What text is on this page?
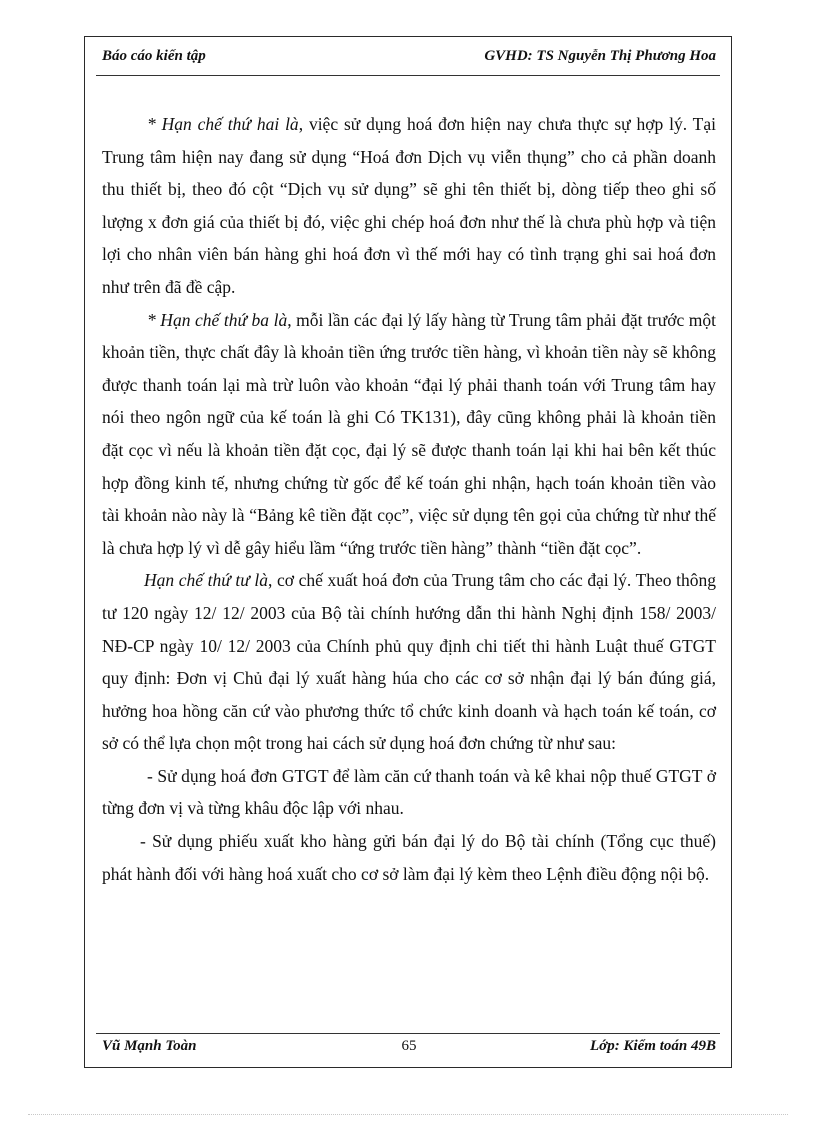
Báo cáo kiến tập	GVHD: TS Nguyễn Thị Phương Hoa

* Hạn chế thứ hai là, việc sử dụng hoá đơn hiện nay chưa thực sự hợp lý. Tại Trung tâm hiện nay đang sử dụng “Hoá đơn Dịch vụ viễn thụng” cho cả phần doanh thu thiết bị, theo đó cột “Dịch vụ sử dụng” sẽ ghi tên thiết bị, dòng tiếp theo ghi số lượng x đơn giá của thiết bị đó, việc ghi chép hoá đơn như thế là chưa phù hợp và tiện lợi cho nhân viên bán hàng ghi hoá đơn vì thế mới hay có tình trạng ghi sai hoá đơn như trên đã đề cập.

* Hạn chế thứ ba là, mỗi lần các đại lý lấy hàng từ Trung tâm phải đặt trước một khoản tiền, thực chất đây là khoản tiền ứng trước tiền hàng, vì khoản tiền này sẽ không được thanh toán lại mà trừ luôn vào khoản “đại lý phải thanh toán với Trung tâm hay nói theo ngôn ngữ của kế toán là ghi Có TK131), đây cũng không phải là khoản tiền đặt cọc vì nếu là khoản tiền đặt cọc, đại lý sẽ được thanh toán lại khi hai bên kết thúc hợp đồng kinh tế, nhưng chứng từ gốc để kế toán ghi nhận, hạch toán khoản tiền vào tài khoản nào này là “Bảng kê tiền đặt cọc”, việc sử dụng tên gọi của chứng từ như thế là chưa hợp lý vì dễ gây hiểu lầm “ứng trước tiền hàng” thành “tiền đặt cọc”.

Hạn chế thứ tư là, cơ chế xuất hoá đơn của Trung tâm cho các đại lý. Theo thông tư 120 ngày 12/ 12/ 2003 của Bộ tài chính hướng dẫn thi hành Nghị định 158/ 2003/ NĐ-CP ngày 10/ 12/ 2003 của Chính phủ quy định chi tiết thi hành Luật thuế GTGT quy định: Đơn vị Chủ đại lý xuất hàng húa cho các cơ sở nhận đại lý bán đúng giá, hưởng hoa hồng căn cứ vào phương thức tổ chức kinh doanh và hạch toán kế toán, cơ sở có thể lựa chọn một trong hai cách sử dụng hoá đơn chứng từ như sau:

- Sử dụng hoá đơn GTGT để làm căn cứ thanh toán và kê khai nộp thuế GTGT ở từng đơn vị và từng khâu độc lập với nhau.

- Sử dụng phiếu xuất kho hàng gửi bán đại lý do Bộ tài chính (Tổng cục thuế) phát hành đối với hàng hoá xuất cho cơ sở làm đại lý kèm theo Lệnh điều động nội bộ.

Vũ Mạnh Toàn	65	Lớp: Kiểm toán 49B
